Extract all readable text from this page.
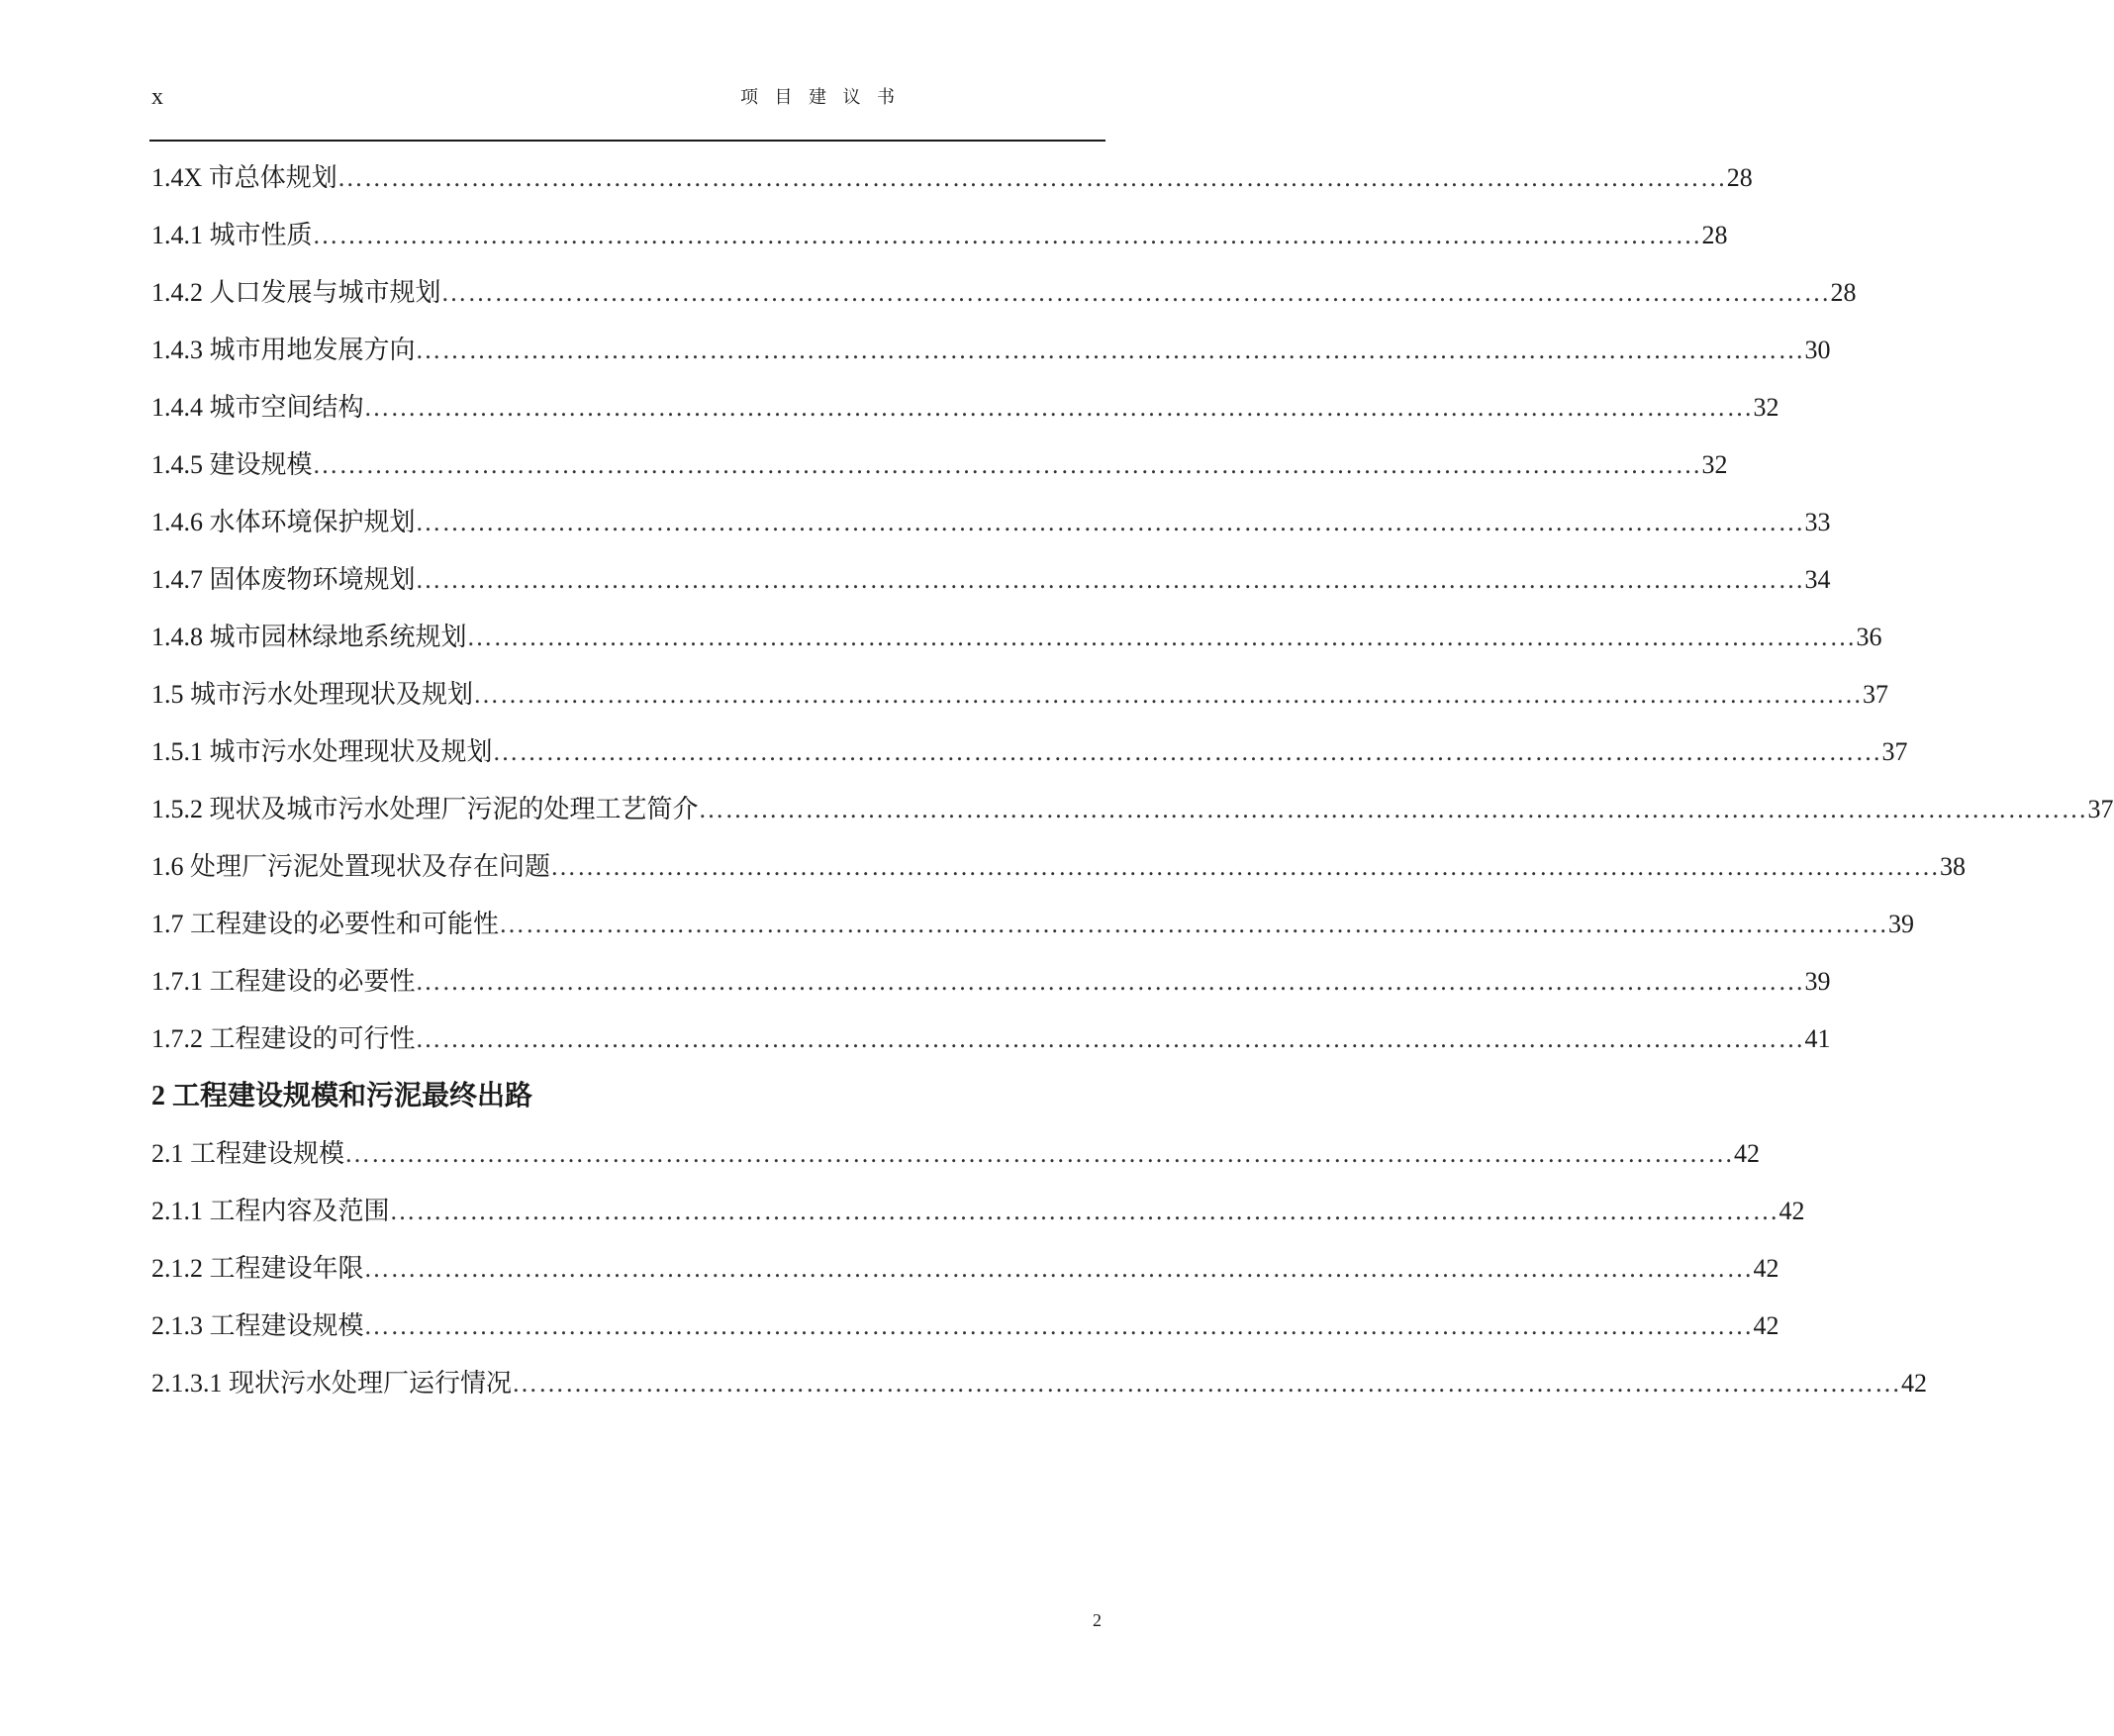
x	项 目 建 议 书
1.4X 市总体规划 ………………………………………………………………………………………………………………………………………… 28
1.4.1 城市性质 ………………………………………………………………………………………………………………………………………… 28
1.4.2 人口发展与城市规划 ………………………………………………………………………………………………………………………………………… 28
1.4.3 城市用地发展方向 ………………………………………………………………………………………………………………………………………… 30
1.4.4 城市空间结构 ………………………………………………………………………………………………………………………………………… 32
1.4.5 建设规模 ………………………………………………………………………………………………………………………………………… 32
1.4.6 水体环境保护规划 ………………………………………………………………………………………………………………………………………… 33
1.4.7 固体废物环境规划 ………………………………………………………………………………………………………………………………………… 34
1.4.8 城市园林绿地系统规划 ………………………………………………………………………………………………………………………………………… 36
1.5 城市污水处理现状及规划 ………………………………………………………………………………………………………………………………………… 37
1.5.1 城市污水处理现状及规划 ………………………………………………………………………………………………………………………………………… 37
1.5.2 现状及城市污水处理厂污泥的处理工艺简介 ………………………………………………………………………………………………………………………………………… 37
1.6 处理厂污泥处置现状及存在问题 ………………………………………………………………………………………………………………………………………… 38
1.7 工程建设的必要性和可能性 ………………………………………………………………………………………………………………………………………… 39
1.7.1 工程建设的必要性 ………………………………………………………………………………………………………………………………………… 39
1.7.2 工程建设的可行性 ………………………………………………………………………………………………………………………………………… 41
2 工程建设规模和污泥最终出路
2.1 工程建设规模 ………………………………………………………………………………………………………………………………………… 42
2.1.1 工程内容及范围 ………………………………………………………………………………………………………………………………………… 42
2.1.2 工程建设年限 ………………………………………………………………………………………………………………………………………… 42
2.1.3 工程建设规模 ………………………………………………………………………………………………………………………………………… 42
2.1.3.1 现状污水处理厂运行情况 ………………………………………………………………………………………………………………………………………… 42
2
